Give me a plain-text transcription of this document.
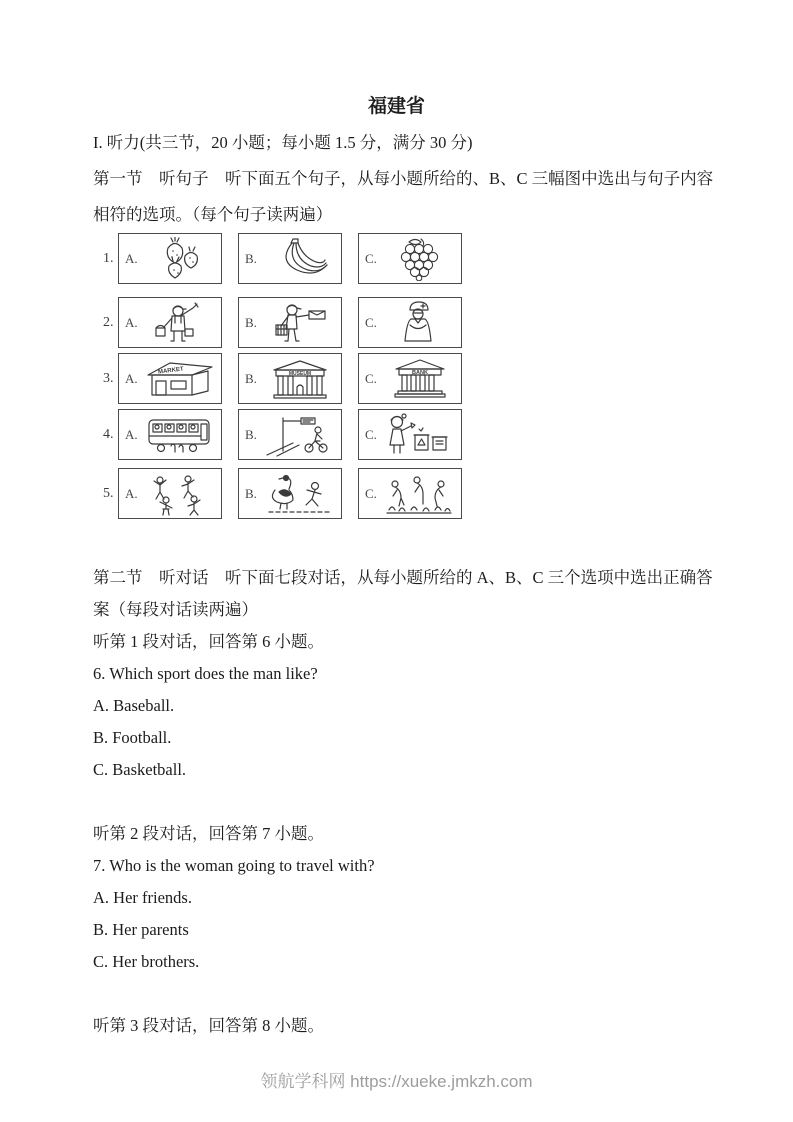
福建省
I. 听力(共三节，20 小题；每小题 1.5 分，满分 30 分)
第一节　听句子　听下面五个句子，从每小题所给的、B、C 三幅图中选出与句子内容
相符的选项。（每个句子读两遍）
1. A.	B.	C.
2. A.	B.	C.
3. A.	MARKET	B.	MUSEUM	C.	BANK
4. A.	B.	C.
5. A.	B.	C.
第二节　听对话　听下面七段对话，从每小题所给的 A、B、C 三个选项中选出正确答
案（每段对话读两遍）
听第 1 段对话，回答第 6 小题。
6. Which sport does the man like?
A. Baseball.
B. Football.
C. Basketball.
听第 2 段对话，回答第 7 小题。
7. Who is the woman going to travel with?
A. Her friends.
B. Her parents
C. Her brothers.
听第 3 段对话，回答第 8 小题。
领航学科网 https://xueke.jmkzh.com
